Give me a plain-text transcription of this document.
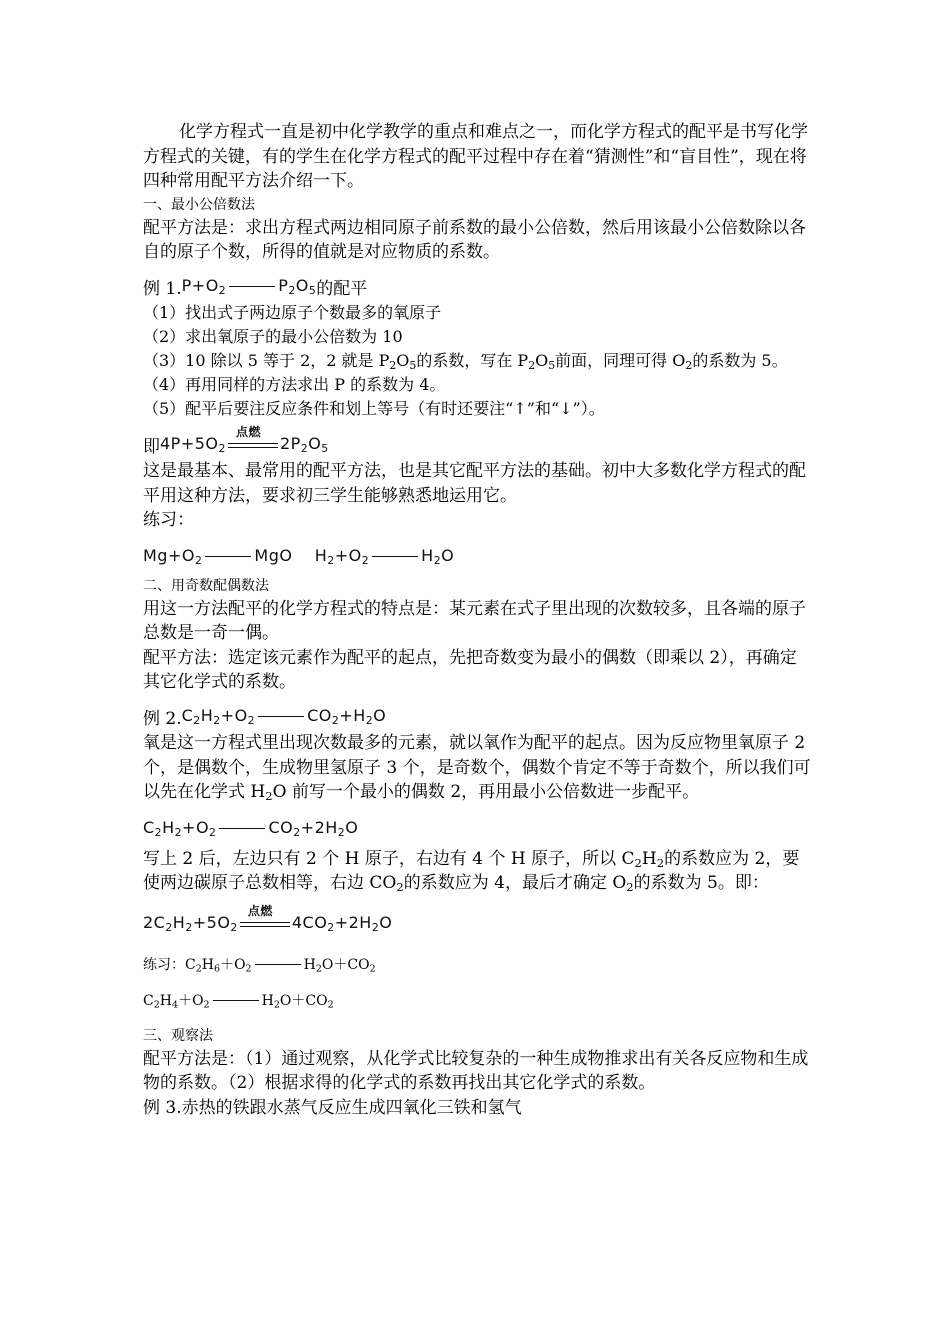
化学方程式一直是初中化学教学的重点和难点之一，而化学方程式的配平是书写化学方程式的关键，有的学生在化学方程式的配平过程中存在着“猜测性”和“盲目性”，现在将四种常用配平方法介绍一下。

一、最小公倍数法

配平方法是：求出方程式两边相同原子前系数的最小公倍数，然后用该最小公倍数除以各自的原子个数，所得的值就是对应物质的系数。

例 1. $P+O_2$	$P_2O_5$ 的配平

（1）找出式子两边原子个数最多的氧原子

（2）求出氧原子的最小公倍数为 10

（3）10 除以 5 等于 2，2 就是 $P_2O_5$的系数，写在 $P_2O_5$前面，同理可得 $O_2$的系数为 5。

（4）再用同样的方法求出 P 的系数为 4。

（5）配平后要注反应条件和划上等号（有时还要注“↑”和“↓”）。

即 $4P+5O_2$
点燃
$2P_2O_5$

这是最基本、最常用的配平方法，也是其它配平方法的基础。初中大多数化学方程式的配平用这种方法，要求初三学生能够熟悉地运用它。

练习：

$Mg+O_2$	MgO $H_2+O_2$	$H_2O$

二、用奇数配偶数法

用这一方法配平的化学方程式的特点是：某元素在式子里出现的次数较多，且各端的原子总数是一奇一偶。

配平方法：选定该元素作为配平的起点，先把奇数变为最小的偶数（即乘以 2），再确定其它化学式的系数。

例 2. $C_2H_2+O_2$	$CO_2+H_2O$

氧是这一方程式里出现次数最多的元素，就以氧作为配平的起点。因为反应物里氧原子 2 个，是偶数个，生成物里氢原子 3 个，是奇数个，偶数个肯定不等于奇数个，所以我们可以先在化学式 $H_2O$ 前写一个最小的偶数 2，再用最小公倍数进一步配平。

$C_2H_2+O_2$	$CO_2+2H_2O$

写上 2 后，左边只有 2 个 H 原子，右边有 4 个 H 原子，所以 $C_2H_2$的系数应为 2，要使两边碳原子总数相等，右边 $CO_2$的系数应为 4，最后才确定 $O_2$的系数为 5。即：

$2C_2H_2+5O_2$
点燃
$4CO_2+2H_2O$

练习：$C_2H_6+O_2$	$H_2O+CO_2$

$C_2H_4+O_2$	$H_2O+CO_2$

三、观察法

配平方法是：（1）通过观察，从化学式比较复杂的一种生成物推求出有关各反应物和生成物的系数。（2）根据求得的化学式的系数再找出其它化学式的系数。

例 3.赤热的铁跟水蒸气反应生成四氧化三铁和氢气
